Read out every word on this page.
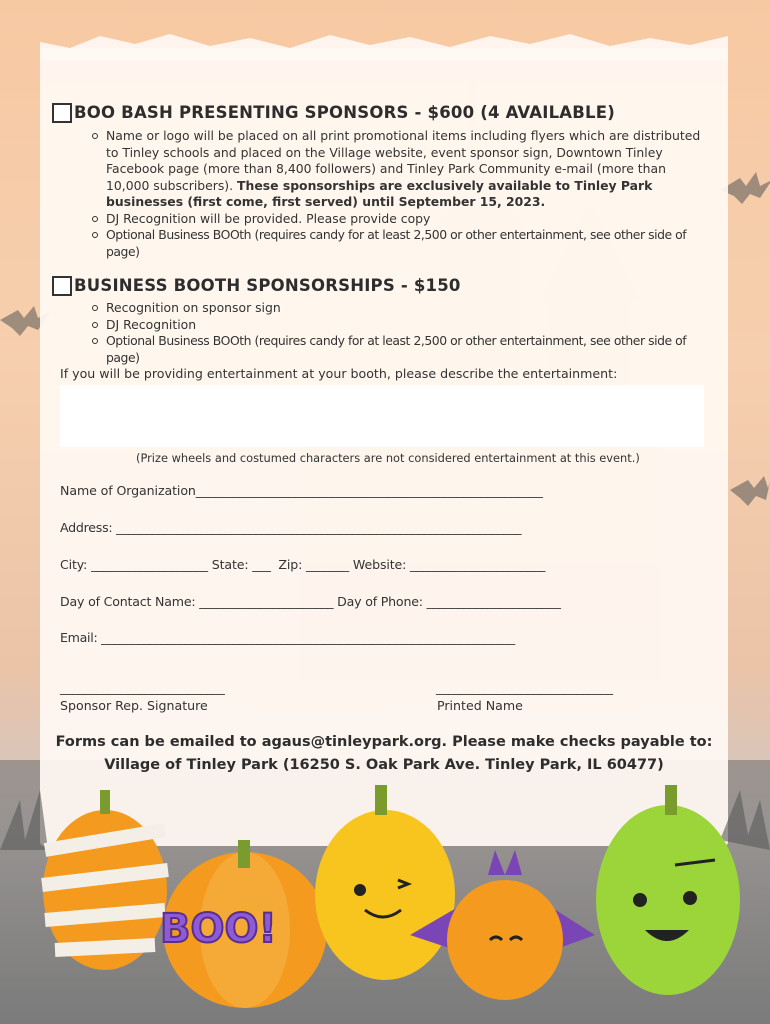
BOO BASH PRESENTING SPONSORS - $600 (4 AVAILABLE)
Name or logo will be placed on all print promotional items including flyers which are distributed to Tinley schools and placed on the Village website, event sponsor sign, Downtown Tinley Facebook page (more than 8,400 followers) and Tinley Park Community e-mail (more than 10,000 subscribers). These sponsorships are exclusively available to Tinley Park businesses (first come, first served) until September 15, 2023.
DJ Recognition will be provided. Please provide copy
Optional Business BOOth (requires candy for at least 2,500 or other entertainment, see other side of page)
BUSINESS BOOTH SPONSORSHIPS - $150
Recognition on sponsor sign
DJ Recognition
Optional Business BOOth (requires candy for at least 2,500 or other entertainment, see other side of page)
If you will be providing entertainment at your booth, please describe the entertainment:
(Prize wheels and costumed characters are not considered entertainment at this event.)
Name of Organization________________________________________________________
Address: ___________________________________________________________________
City: ___________________ State: ___  Zip: _______ Website: ______________________
Day of Contact Name: ______________________ Day of Phone: ______________________
Email: _____________________________________________________________________
___________________________
Sponsor Rep. Signature
_____________________________
Printed Name
Forms can be emailed to agaus@tinleypark.org. Please make checks payable to:
Village of Tinley Park (16250 S. Oak Park Ave. Tinley Park, IL 60477)
BOO!
